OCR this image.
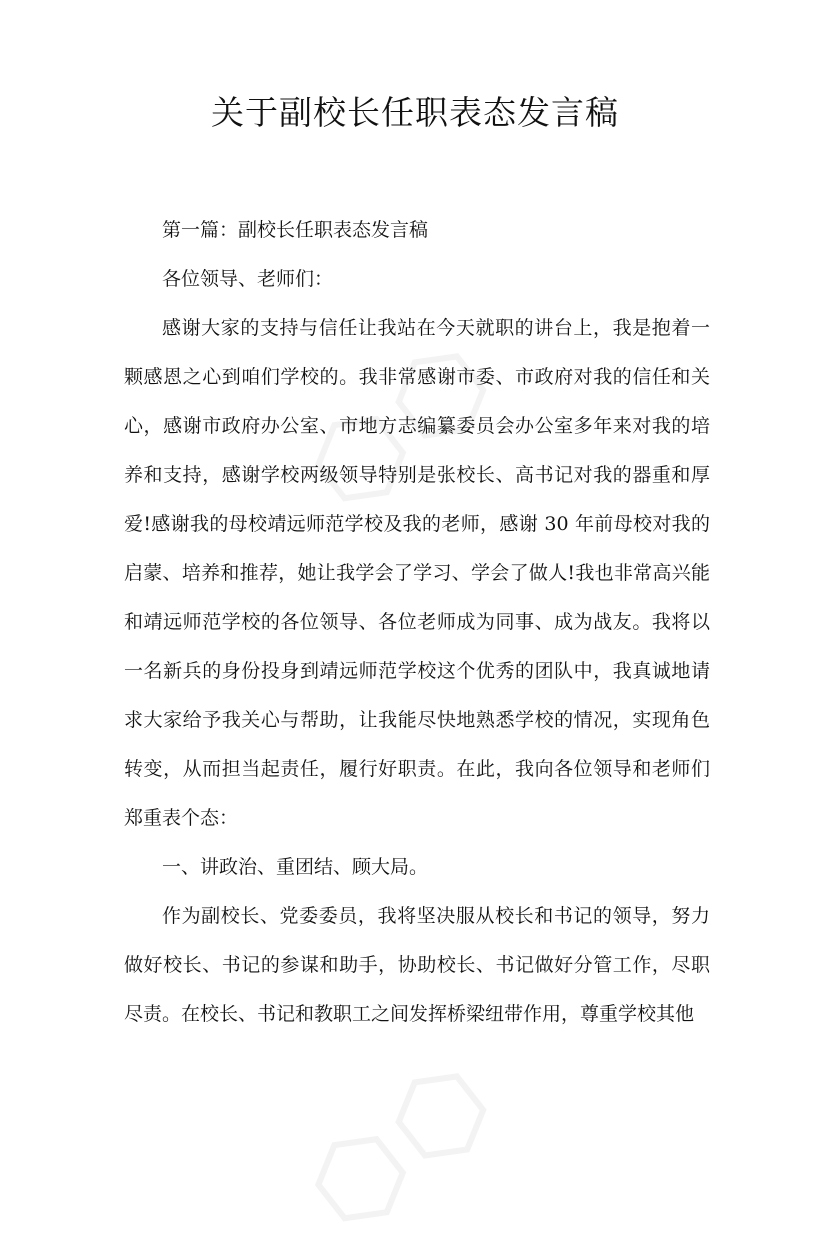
关于副校长任职表态发言稿

第一篇：副校长任职表态发言稿

各位领导、老师们：

感谢大家的支持与信任让我站在今天就职的讲台上，我是抱着一颗感恩之心到咱们学校的。我非常感谢市委、市政府对我的信任和关心，感谢市政府办公室、市地方志编纂委员会办公室多年来对我的培养和支持，感谢学校两级领导特别是张校长、高书记对我的器重和厚爱!感谢我的母校靖远师范学校及我的老师，感谢 30 年前母校对我的启蒙、培养和推荐，她让我学会了学习、学会了做人!我也非常高兴能和靖远师范学校的各位领导、各位老师成为同事、成为战友。我将以一名新兵的身份投身到靖远师范学校这个优秀的团队中，我真诚地请求大家给予我关心与帮助，让我能尽快地熟悉学校的情况，实现角色转变，从而担当起责任，履行好职责。在此，我向各位领导和老师们郑重表个态：

一、讲政治、重团结、顾大局。

作为副校长、党委委员，我将坚决服从校长和书记的领导，努力做好校长、书记的参谋和助手，协助校长、书记做好分管工作，尽职尽责。在校长、书记和教职工之间发挥桥梁纽带作用，尊重学校其他
